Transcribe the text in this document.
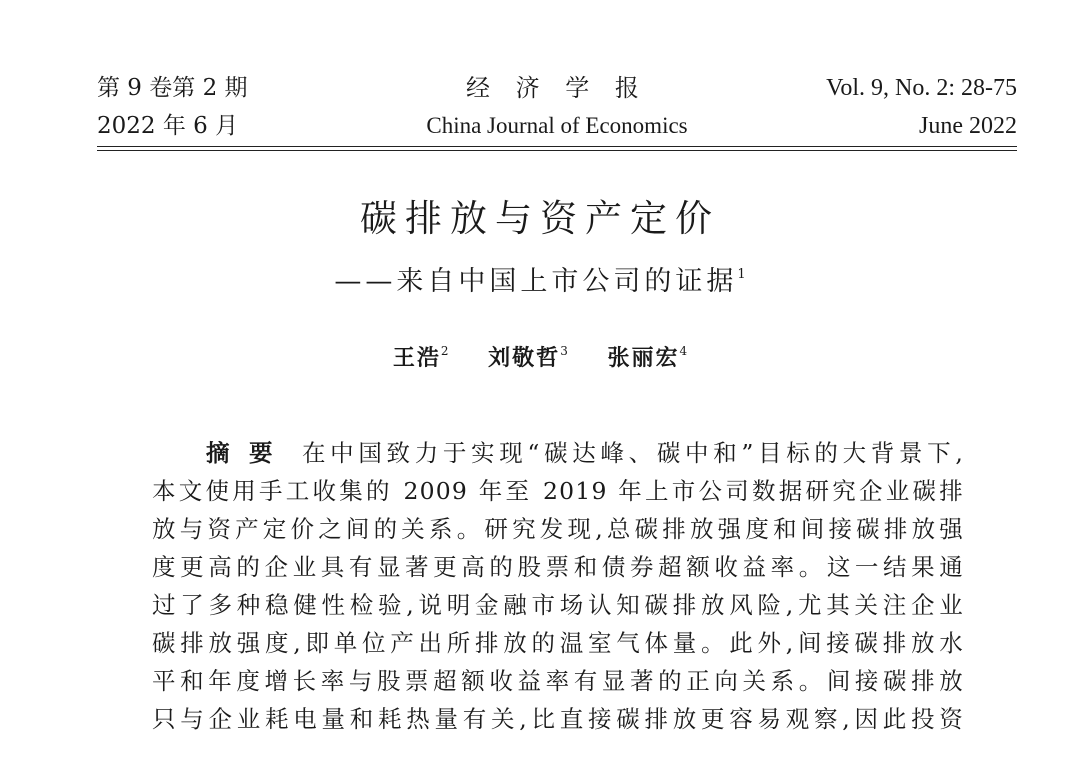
第 9 卷第 2 期	经 济 学 报	Vol. 9, No. 2: 28-75
2022 年 6 月	China Journal of Economics	June 2022
碳排放与资产定价
——来自中国上市公司的证据$^1$
王浩$^2$ 刘敬哲$^3$ 张丽宏$^4$
摘要 在中国致力于实现“碳达峰、碳中和”目标的大背景下,
本文使用手工收集的 2009 年至 2019 年上市公司数据研究企业碳排
放与资产定价之间的关系。研究发现,总碳排放强度和间接碳排放强
度更高的企业具有显著更高的股票和债券超额收益率。这一结果通
过了多种稳健性检验,说明金融市场认知碳排放风险,尤其关注企业
碳排放强度,即单位产出所排放的温室气体量。此外,间接碳排放水
平和年度增长率与股票超额收益率有显著的正向关系。间接碳排放
只与企业耗电量和耗热量有关,比直接碳排放更容易观察,因此投资
